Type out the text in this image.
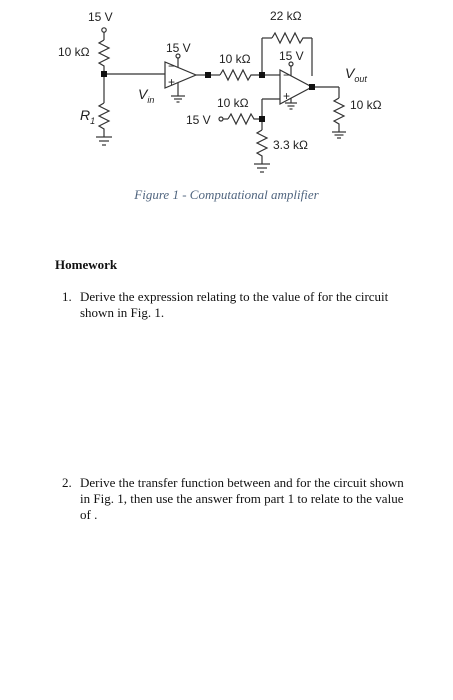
15 V
10 kΩ
$R_1$
−
+
15 V
$V_{in}$
10 kΩ
22 kΩ
−
+
15 V
10 kΩ
15 V
3.3 kΩ
$V_{out}$
10 kΩ
Figure 1 - Computational amplifier
Homework
1. Derive the expression relating to the value of for the circuit shown in Fig. 1.
2. Derive the transfer function between and for the circuit shown in Fig. 1, then use the answer from part 1 to relate to the value of .
